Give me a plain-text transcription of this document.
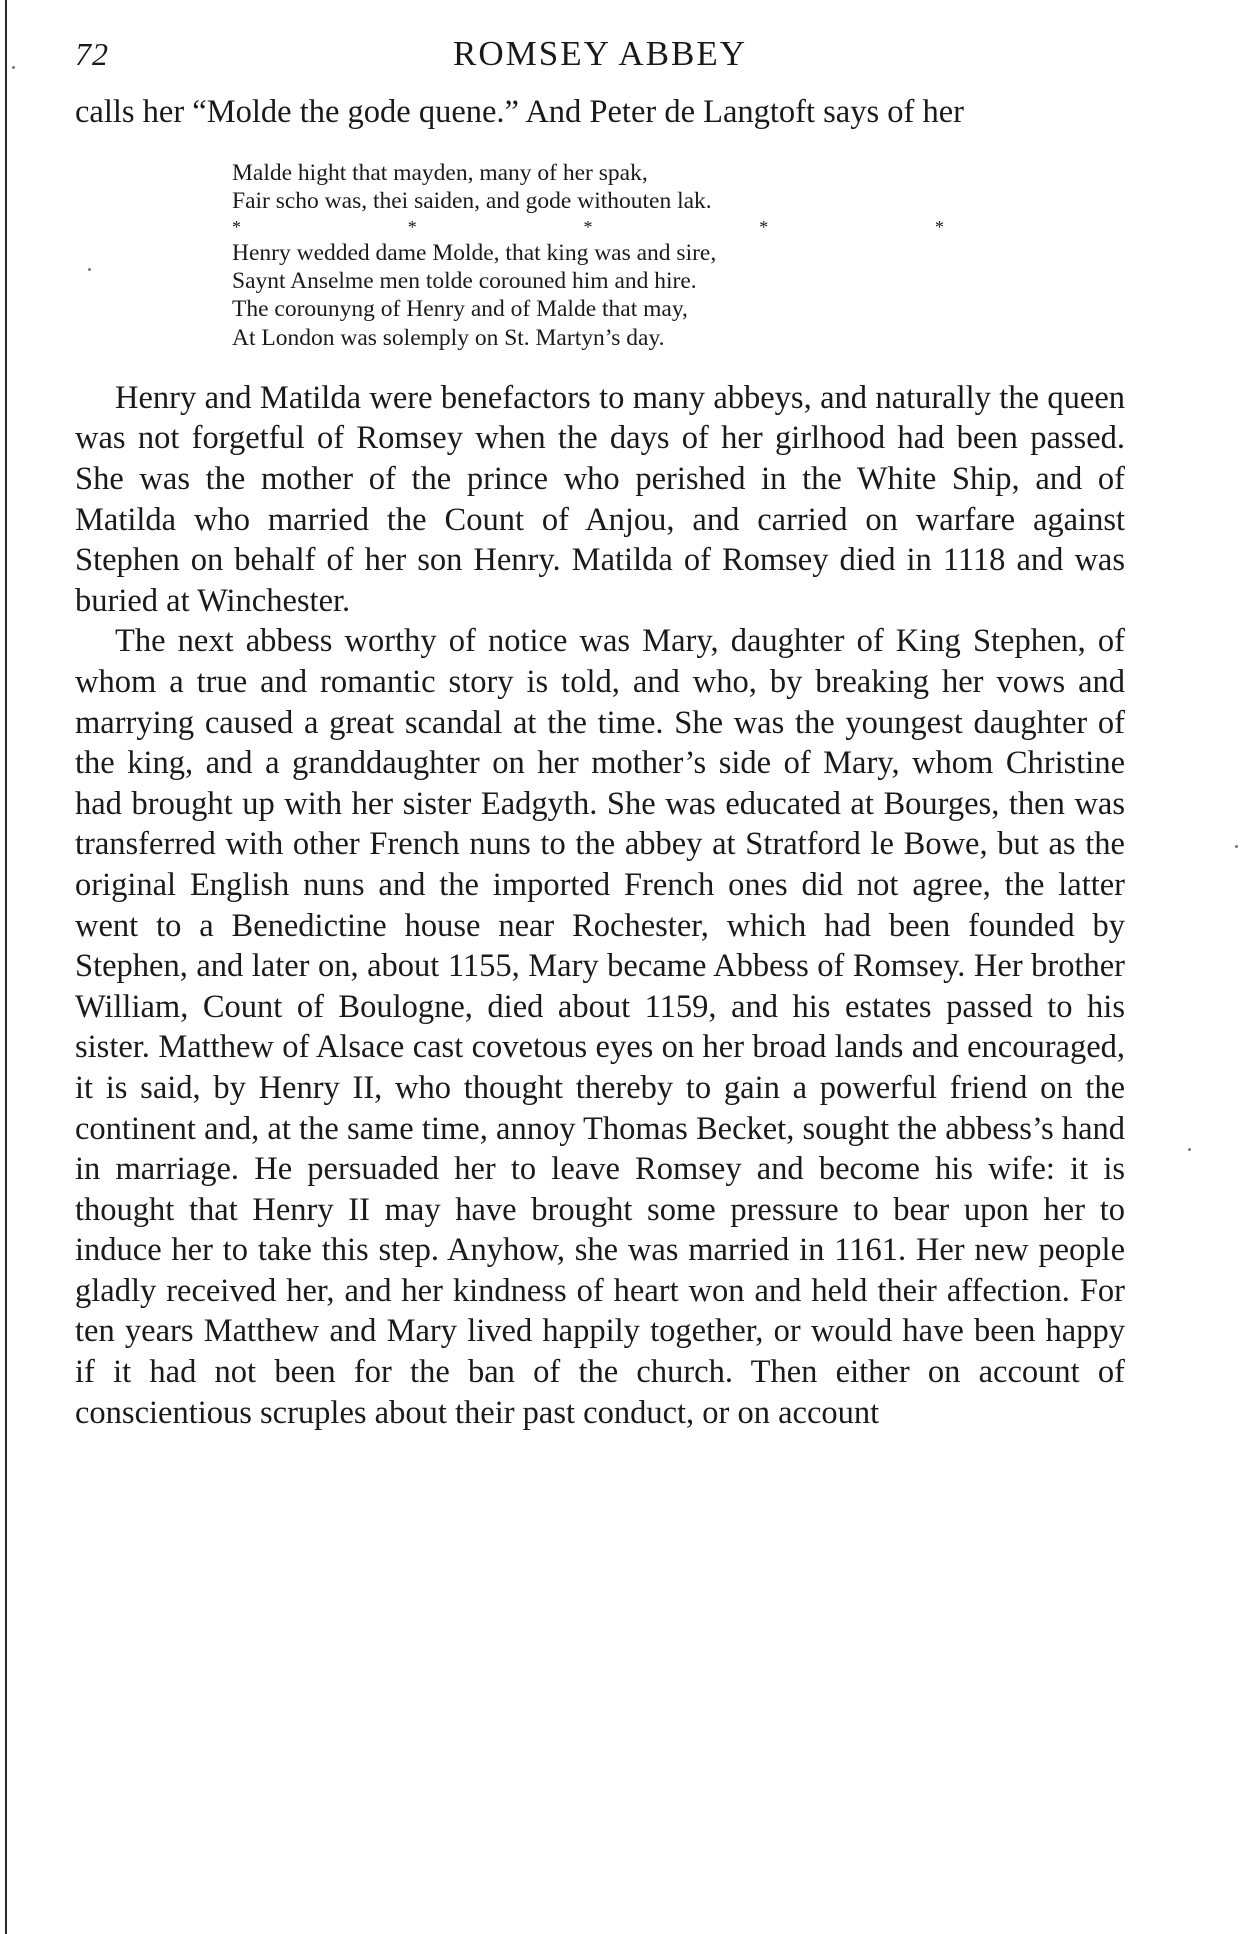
72	ROMSEY ABBEY

calls her “Molde the gode quene.” And Peter de Langtoft says of her

Malde hight that mayden, many of her spak,
Fair scho was, thei saiden, and gode withouten lak.
*	*	*	*	*
Henry wedded dame Molde, that king was and sire,
Saynt Anselme men tolde corouned him and hire.
The corounyng of Henry and of Malde that may,
At London was solemply on St. Martyn’s day.

Henry and Matilda were benefactors to many abbeys, and naturally the queen was not forgetful of Romsey when the days of her girlhood had been passed. She was the mother of the prince who perished in the White Ship, and of Matilda who married the Count of Anjou, and carried on warfare against Stephen on behalf of her son Henry. Matilda of Romsey died in 1118 and was buried at Winchester.

The next abbess worthy of notice was Mary, daughter of King Stephen, of whom a true and romantic story is told, and who, by breaking her vows and marrying caused a great scandal at the time. She was the youngest daughter of the king, and a granddaughter on her mother’s side of Mary, whom Christine had brought up with her sister Eadgyth. She was educated at Bourges, then was transferred with other French nuns to the abbey at Stratford le Bowe, but as the original English nuns and the imported French ones did not agree, the latter went to a Benedictine house near Rochester, which had been founded by Stephen, and later on, about 1155, Mary became Abbess of Romsey. Her brother William, Count of Boulogne, died about 1159, and his estates passed to his sister. Matthew of Alsace cast covetous eyes on her broad lands and encouraged, it is said, by Henry II, who thought thereby to gain a powerful friend on the continent and, at the same time, annoy Thomas Becket, sought the abbess’s hand in marriage. He persuaded her to leave Romsey and become his wife: it is thought that Henry II may have brought some pressure to bear upon her to induce her to take this step. Anyhow, she was married in 1161. Her new people gladly received her, and her kindness of heart won and held their affection. For ten years Matthew and Mary lived happily together, or would have been happy if it had not been for the ban of the church. Then either on account of conscientious scruples about their past conduct, or on account
